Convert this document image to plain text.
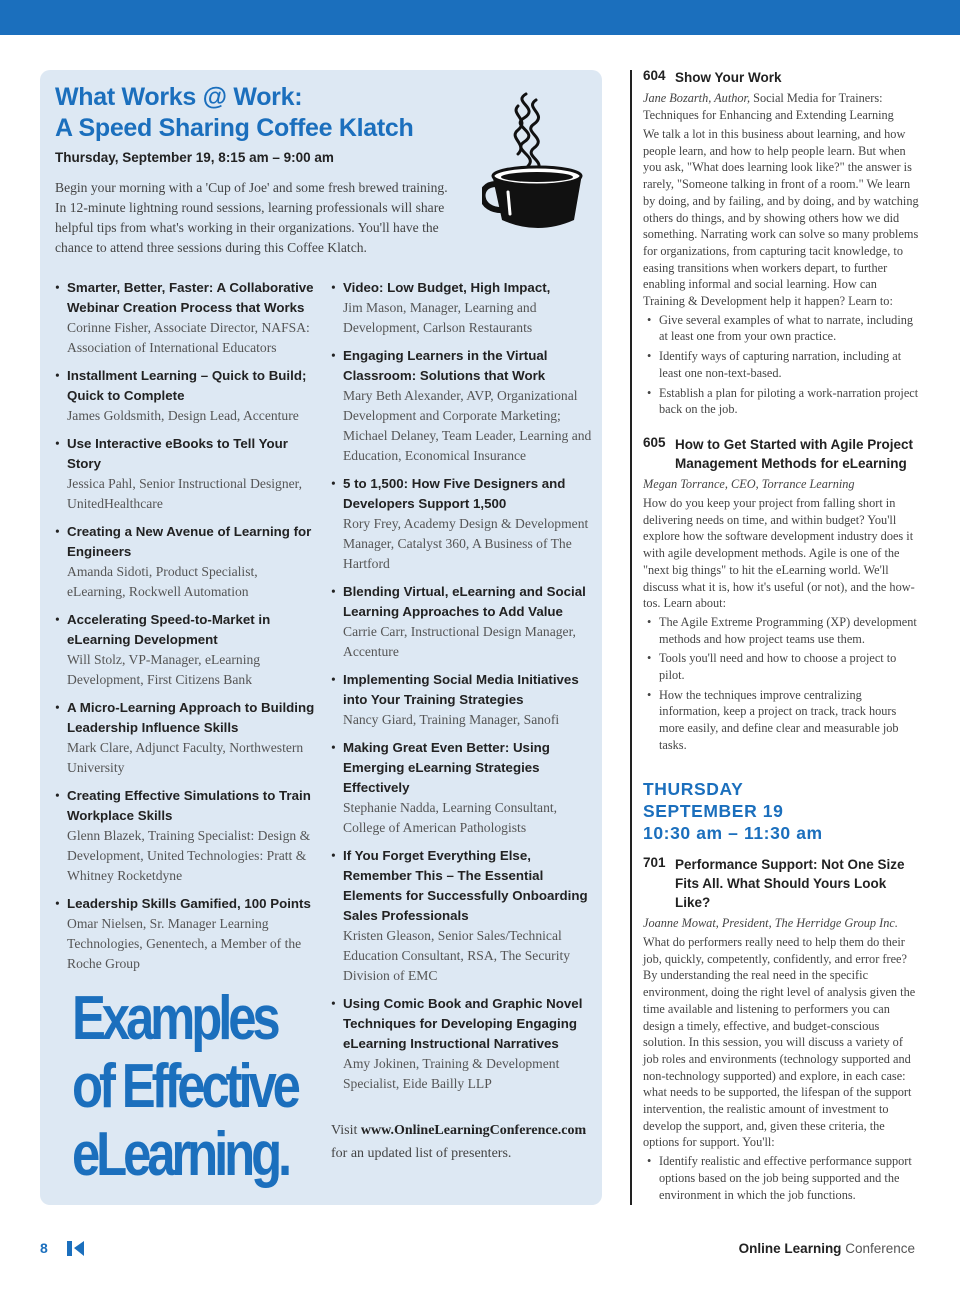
What Works @ Work:
A Speed Sharing Coffee Klatch
Thursday, September 19, 8:15 am – 9:00 am

Begin your morning with a 'Cup of Joe' and some fresh brewed training. In 12-minute lightning round sessions, learning professionals will share helpful tips from what's working in their organizations. You'll have the chance to attend three sessions during this Coffee Klatch.

• Smarter, Better, Faster: A Collaborative Webinar Creation Process that Works
Corinne Fisher, Associate Director, NAFSA: Association of International Educators
• Installment Learning – Quick to Build; Quick to Complete
James Goldsmith, Design Lead, Accenture
• Use Interactive eBooks to Tell Your Story
Jessica Pahl, Senior Instructional Designer, UnitedHealthcare
• Creating a New Avenue of Learning for Engineers
Amanda Sidoti, Product Specialist, eLearning, Rockwell Automation
• Accelerating Speed-to-Market in eLearning Development
Will Stolz, VP-Manager, eLearning Development, First Citizens Bank
• A Micro-Learning Approach to Building Leadership Influence Skills
Mark Clare, Adjunct Faculty, Northwestern University
• Creating Effective Simulations to Train Workplace Skills
Glenn Blazek, Training Specialist: Design & Development, United Technologies: Pratt & Whitney Rocketdyne
• Leadership Skills Gamified, 100 Points
Omar Nielsen, Sr. Manager Learning Technologies, Genentech, a Member of the Roche Group
• Video: Low Budget, High Impact,
Jim Mason, Manager, Learning and Development, Carlson Restaurants
• Engaging Learners in the Virtual Classroom: Solutions that Work
Mary Beth Alexander, AVP, Organizational Development and Corporate Marketing; Michael Delaney, Team Leader, Learning and Education, Economical Insurance
• 5 to 1,500: How Five Designers and Developers Support 1,500
Rory Frey, Academy Design & Development Manager, Catalyst 360, A Business of The Hartford
• Blending Virtual, eLearning and Social Learning Approaches to Add Value
Carrie Carr, Instructional Design Manager, Accenture
• Implementing Social Media Initiatives into Your Training Strategies
Nancy Giard, Training Manager, Sanofi
• Making Great Even Better: Using Emerging eLearning Strategies Effectively
Stephanie Nadda, Learning Consultant, College of American Pathologists
• If You Forget Everything Else, Remember This – The Essential Elements for Successfully Onboarding Sales Professionals
Kristen Gleason, Senior Sales/Technical Education Consultant, RSA, The Security Division of EMC
• Using Comic Book and Graphic Novel Techniques for Developing Engaging eLearning Instructional Narratives
Amy Jokinen, Training & Development Specialist, Eide Bailly LLP
Examples
of Effective
eLearning.	Visit www.OnlineLearningConference.com
for an updated list of presenters.

604 Show Your Work

Jane Bozarth, Author, Social Media for Trainers: Techniques for Enhancing and Extending Learning

We talk a lot in this business about learning, and how people learn, and how to help people learn. But when you ask, "What does learning look like?" the answer is rarely, "Someone talking in front of a room." We learn by doing, and by failing, and by doing, and by watching others do things, and by showing others how we did something. Narrating work can solve so many problems for organizations, from capturing tacit knowledge, to easing transitions when workers depart, to further enabling informal and social learning. How can Training & Development help it happen? Learn to:

• Give several examples of what to narrate, including at least one from your own practice.
• Identify ways of capturing narration, including at least one non-text-based.
• Establish a plan for piloting a work-narration project back on the job.
605 How to Get Started with Agile Project Management Methods for eLearning

Megan Torrance, CEO, Torrance Learning

How do you keep your project from falling short in delivering needs on time, and within budget? You'll explore how the software development industry does it with agile development methods. Agile is one of the "next big things" to hit the eLearning world. We'll discuss what it is, how it's useful (or not), and the how-tos. Learn about:

• The Agile Extreme Programming (XP) development methods and how project teams use them.
• Tools you'll need and how to choose a project to pilot.
• How the techniques improve centralizing information, keep a project on track, track hours more easily, and define clear and measurable job tasks.
THURSDAY
SEPTEMBER 19
10:30 am – 11:30 am
701 Performance Support: Not One Size Fits All. What Should Yours Look Like?

Joanne Mowat, President, The Herridge Group Inc.

What do performers really need to help them do their job, quickly, competently, confidently, and error free? By understanding the real need in the specific environment, doing the right level of analysis given the time available and listening to performers you can design a timely, effective, and budget-conscious solution. In this session, you will discuss a variety of job roles and environments (technology supported and non-technology supported) and explore, in each case: what needs to be supported, the lifespan of the support intervention, the realistic amount of investment to develop the support, and, given these criteria, the options for support. You'll:

• Identify realistic and effective performance support options based on the job being supported and the environment in which the job functions.
8	Online Learning Conference
